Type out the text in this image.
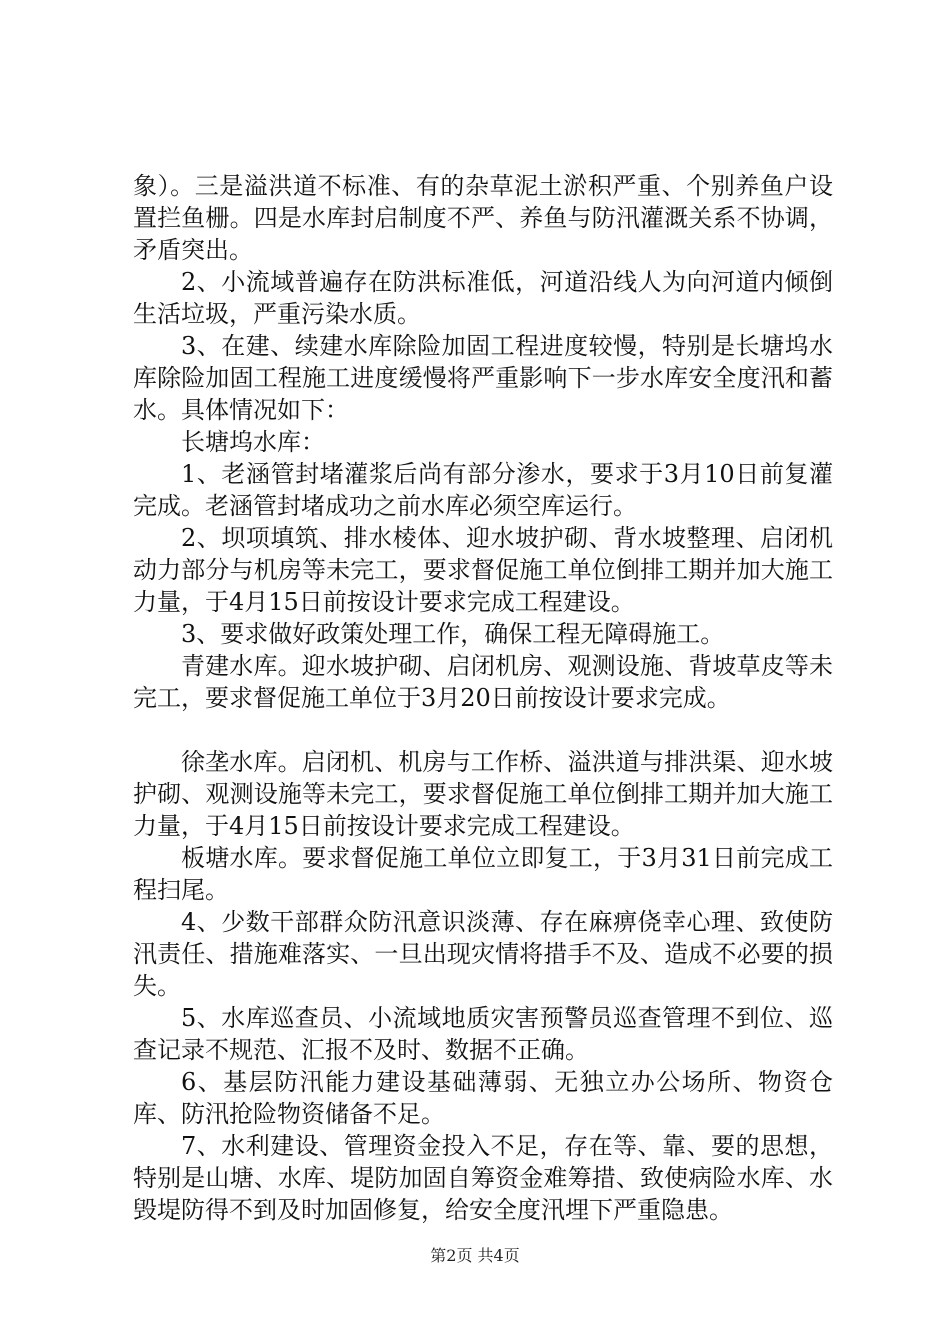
象）。三是溢洪道不标准、有的杂草泥土淤积严重、个别养鱼户设置拦鱼栅。四是水库封启制度不严、养鱼与防汛灌溉关系不协调，矛盾突出。

2、小流域普遍存在防洪标准低，河道沿线人为向河道内倾倒生活垃圾，严重污染水质。

3、在建、续建水库除险加固工程进度较慢，特别是长塘坞水库除险加固工程施工进度缓慢将严重影响下一步水库安全度汛和蓄水。具体情况如下：

长塘坞水库：

1、老涵管封堵灌浆后尚有部分渗水，要求于3月10日前复灌完成。老涵管封堵成功之前水库必须空库运行。

2、坝项填筑、排水棱体、迎水坡护砌、背水坡整理、启闭机动力部分与机房等未完工，要求督促施工单位倒排工期并加大施工力量，于4月15日前按设计要求完成工程建设。

3、要求做好政策处理工作，确保工程无障碍施工。

青建水库。迎水坡护砌、启闭机房、观测设施、背坡草皮等未完工，要求督促施工单位于3月20日前按设计要求完成。

徐垄水库。启闭机、机房与工作桥、溢洪道与排洪渠、迎水坡护砌、观测设施等未完工，要求督促施工单位倒排工期并加大施工力量，于4月15日前按设计要求完成工程建设。

板塘水库。要求督促施工单位立即复工，于3月31日前完成工程扫尾。

4、少数干部群众防汛意识淡薄、存在麻痹侥幸心理、致使防汛责任、措施难落实、一旦出现灾情将措手不及、造成不必要的损失。

5、水库巡查员、小流域地质灾害预警员巡查管理不到位、巡查记录不规范、汇报不及时、数据不正确。

6、基层防汛能力建设基础薄弱、无独立办公场所、物资仓库、防汛抢险物资储备不足。

7、水利建设、管理资金投入不足，存在等、靠、要的思想，特别是山塘、水库、堤防加固自筹资金难筹措、致使病险水库、水毁堤防得不到及时加固修复，给安全度汛埋下严重隐患。

第2页 共4页
